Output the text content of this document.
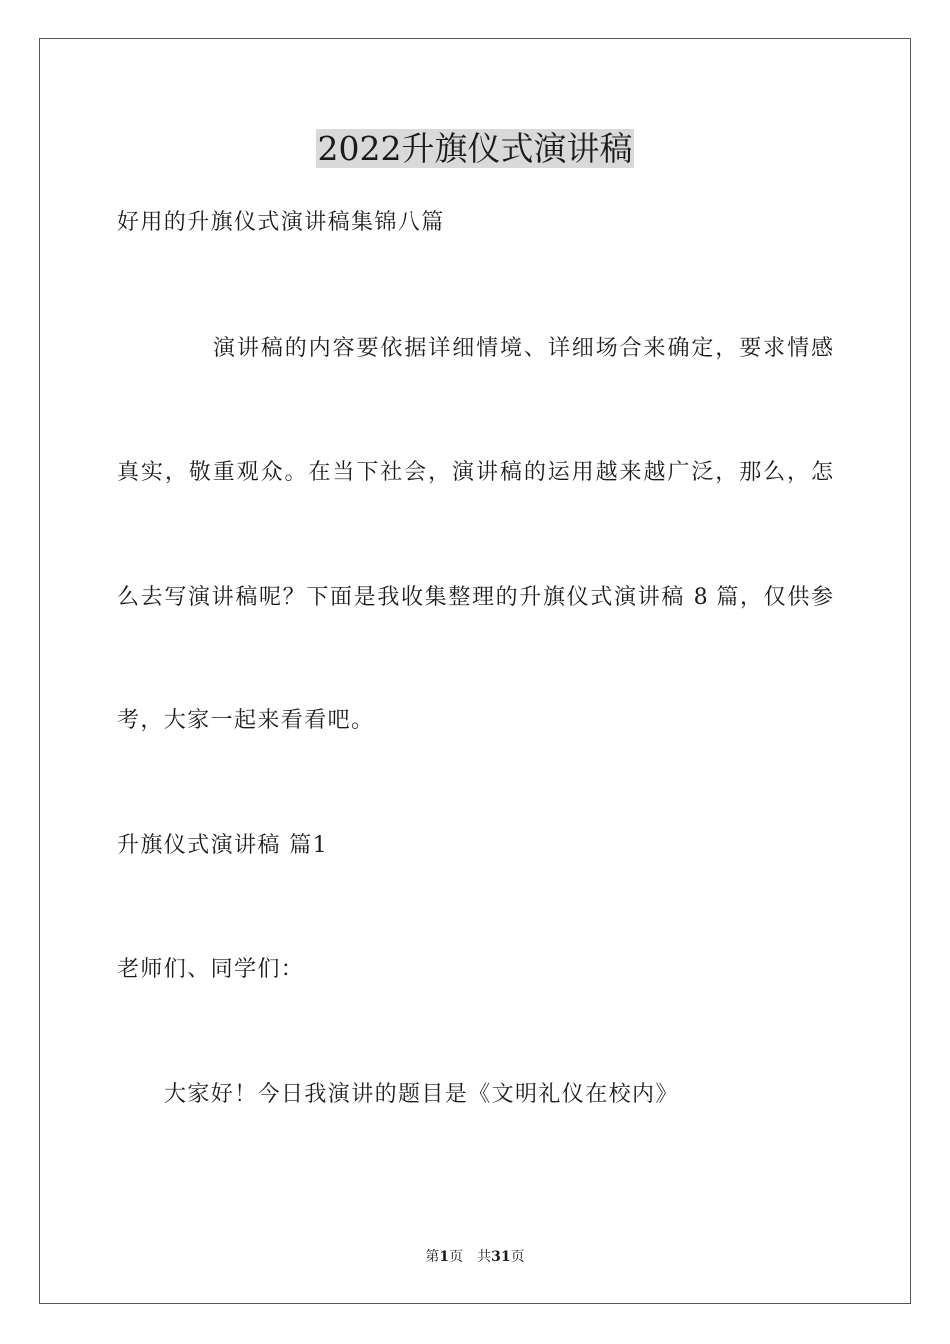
2022升旗仪式演讲稿

好用的升旗仪式演讲稿集锦八篇

演讲稿的内容要依据详细情境、详细场合来确定，要求情感

真实，敬重观众。在当下社会，演讲稿的运用越来越广泛，那么，怎

么去写演讲稿呢？下面是我收集整理的升旗仪式演讲稿 8 篇，仅供参

考，大家一起来看看吧。

升旗仪式演讲稿 篇1

老师们、同学们：

大家好！今日我演讲的题目是《文明礼仪在校内》

第1页　共31页
